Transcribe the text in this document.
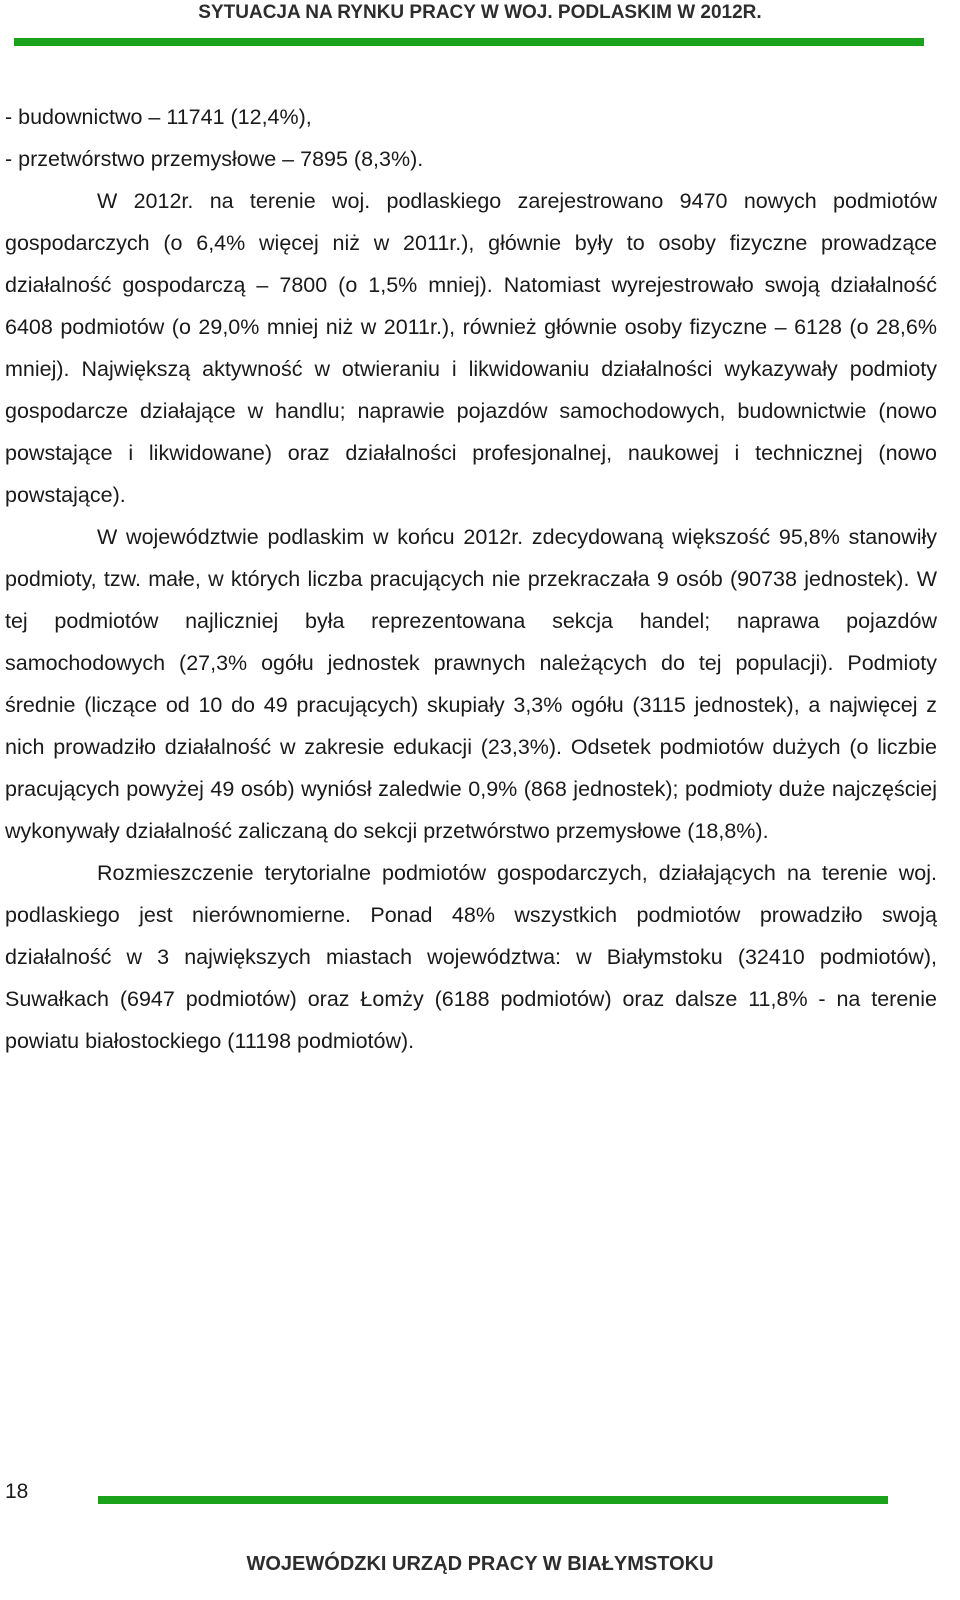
SYTUACJA NA RYNKU PRACY W WOJ. PODLASKIM W 2012R.
- budownictwo – 11741 (12,4%),
- przetwórstwo przemysłowe – 7895 (8,3%).

W 2012r. na terenie woj. podlaskiego zarejestrowano 9470 nowych podmiotów gospodarczych (o 6,4% więcej niż w 2011r.), głównie były to osoby fizyczne prowadzące działalność gospodarczą – 7800 (o 1,5% mniej). Natomiast wyrejestrowało swoją działalność 6408 podmiotów (o 29,0% mniej niż w 2011r.), również głównie osoby fizyczne – 6128 (o 28,6% mniej). Największą aktywność w otwieraniu i likwidowaniu działalności wykazywały podmioty gospodarcze działające w handlu; naprawie pojazdów samochodowych, budownictwie (nowo powstające i likwidowane) oraz działalności profesjonalnej, naukowej i technicznej (nowo powstające).

W województwie podlaskim w końcu 2012r. zdecydowaną większość 95,8% stanowiły podmioty, tzw. małe, w których liczba pracujących nie przekraczała 9 osób (90738 jednostek). W tej podmiotów najliczniej była reprezentowana sekcja handel; naprawa pojazdów samochodowych (27,3% ogółu jednostek prawnych należących do tej populacji). Podmioty średnie (liczące od 10 do 49 pracujących) skupiały 3,3% ogółu (3115 jednostek), a najwięcej z nich prowadziło działalność w zakresie edukacji (23,3%). Odsetek podmiotów dużych (o liczbie pracujących powyżej 49 osób) wyniósł zaledwie 0,9% (868 jednostek); podmioty duże najczęściej wykonywały działalność zaliczaną do sekcji przetwórstwo przemysłowe (18,8%).

Rozmieszczenie terytorialne podmiotów gospodarczych, działających na terenie woj. podlaskiego jest nierównomierne. Ponad 48% wszystkich podmiotów prowadziło swoją działalność w 3 największych miastach województwa: w Białymstoku (32410 podmiotów), Suwałkach (6947 podmiotów) oraz Łomży (6188 podmiotów) oraz dalsze 11,8% - na terenie powiatu białostockiego (11198 podmiotów).

18
WOJEWÓDZKI URZĄD PRACY W BIAŁYMSTOKU
